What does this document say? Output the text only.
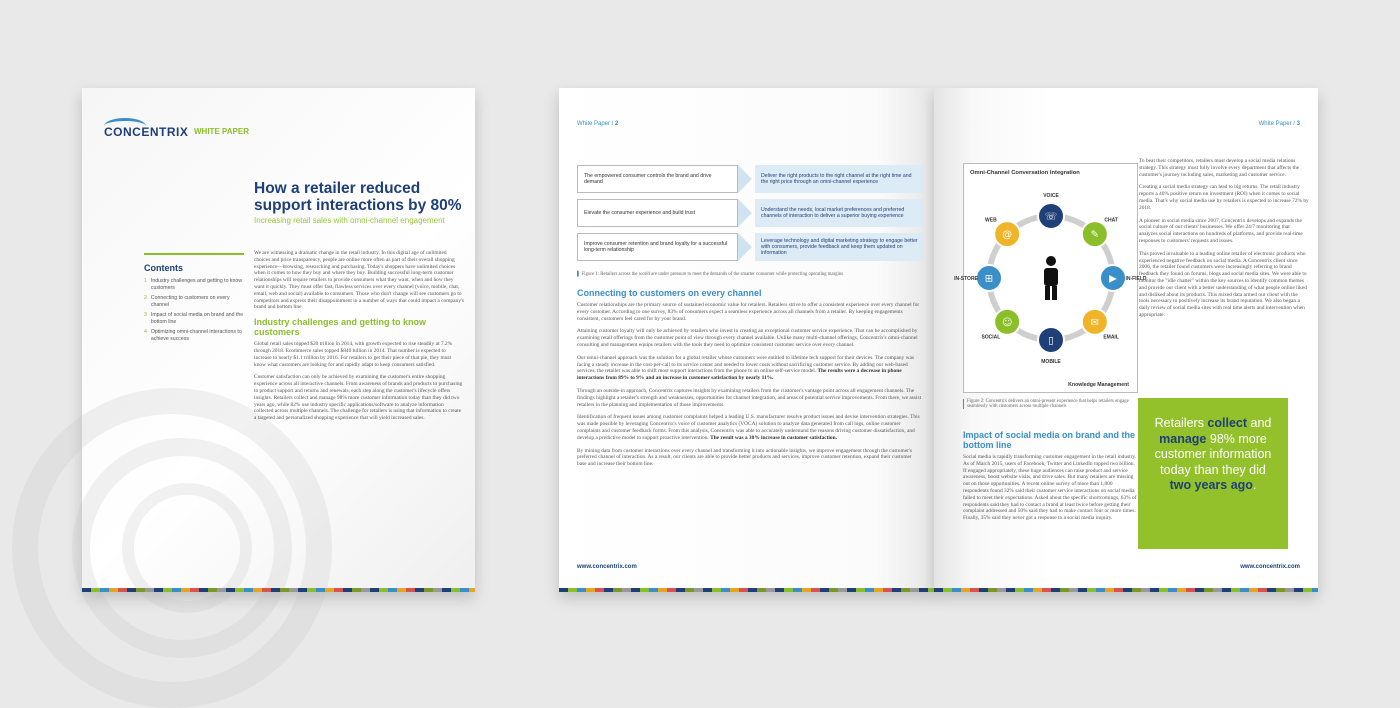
CONCENTRIX WHITE PAPER
How a retailer reduced support interactions by 80%
Increasing retail sales with omni-channel engagement
Contents
1 Industry challenges and getting to know customers
2 Connecting to customers on every channel
3 Impact of social media on brand and the bottom line
4 Optimizing omni-channel interactions to achieve success

We are witnessing a dramatic change in the retail industry. In this digital age of unlimited choices and price transparency, people are online more often as part of their overall shopping experience—browsing, researching and purchasing. Today's shoppers have unlimited choices when it comes to how they buy and where they buy. Building successful long-term customer relationships will require retailers to provide consumers what they want, when and how they want it quickly. They must offer fast, flawless services over every channel (voice, mobile, chat, email, web and social) available to consumers. Those who don't change will see customers go to competitors and express their disappointment in a number of ways that could impact a company's brand and bottom line.

Industry challenges and getting to know customers

Global retail sales topped $20 trillion in 2014, with growth expected to rise steadily at 7.2% through 2018. Ecommerce sales topped $840 billion in 2014. That number is expected to increase to nearly $1.1 trillion by 2016. For retailers to get their piece of that pie, they must know what customers are looking for and rapidly adapt to keep consumers satisfied.

Customer satisfaction can only be achieved by examining the customer's entire shopping experience across all interactive channels. From awareness of brands and products to purchasing to product support and returns and renewals, each step along the customer's lifecycle offers insights. Retailers collect and manage 98% more customer information today than they did two years ago, while 82% use industry specific applications/software to analyze information collected across multiple channels. The challenge for retailers is using that information to create a targeted and personalized shopping experience that will yield increased sales.

White Paper / 2
The empowered consumer controls the brand and drive demand
Deliver the right products to the right channel at the right time and the right price through an omni-channel experience
Elevate the consumer experience and build trust	Understand the needs, local market preferences and preferred channels of interaction to deliver a superior buying experience
Improve consumer retention and brand loyalty for a successful long-term relationship
Leverage technology and digital marketing strategy to engage better with consumers, provide feedback and keep them updated on information
▌ Figure 1: Retailers across the world are under pressure to meet the demands of the smarter consumer while protecting operating margins
Connecting to customers on every channel

Customer relationships are the primary source of sustained economic value for retailers. Retailers strive to offer a consistent experience over every channel for every customer. According to one survey, 83% of consumers expect a seamless experience across all channels from a retailer. By keeping engagements consistent, customers feel cared for by your brand.

Attaining customer loyalty will only be achieved by retailers who invest in creating an exceptional customer service experience. That can be accomplished by examining retail offerings from the customer point of view through every channel available. Unlike many multi-channel offerings, Concentrix's omni-channel consulting and management equips retailers with the tools they need to optimize consistent customer service over every channel.

Our omni-channel approach was the solution for a global retailer whose customers were entitled to lifetime tech support for their devices. The company was facing a steady increase in the cost-per-call to its service center and needed to lower costs without sacrificing customer service. By adding our web-based services, the retailer was able to shift most support interactions from the phone to an online self-service model. The results were a decrease in phone interactions from 89% to 9% and an increase in customer satisfaction by nearly 11%.

Through an outside-in approach, Concentrix captures insights by examining retailers from the customer's vantage point across all engagement channels. The findings highlight a retailer's strength and weaknesses, opportunities for channel integration, and areas of potential service improvements. From there, we assist retailers in the planning and implementation of those improvements.

Identification of frequent issues among customer complaints helped a leading U.S. manufacturer resolve product issues and devise intervention strategies. This was made possible by leveraging Concentrix's voice of customer analytics (VOCA) solution to analyze data generated from call logs, online customer complaints and customer feedback forms. From this analysis, Concentrix was able to accurately understand the reasons driving customer dissatisfaction, and develop a predictive model to support proactive intervention. The result was a 30% increase in customer satisfaction.

By mining data from customer interactions over every channel and transforming it into actionable insights, we improve engagement through the customer's preferred channel of interaction. As a result, our clients are able to provide better products and services, improve customer retention, expand their customer base and increase their bottom line.

www.concentrix.com
White Paper / 3
Omni-Channel Conversation Integration
☏
VOICE
✎
CHAT
▶ IN-FIELD
✉
EMAIL
▯
MOBILE
☺
SOCIAL
⊞
IN-STORE
@
WEB
Knowledge Management
Figure 2: Concentrix delivers an omni-present experience that helps retailers engage seamlessly with customers across multiple channels
Impact of social media on brand and the bottom line

Social media is rapidly transforming customer engagement in the retail industry. As of March 2015, users of Facebook, Twitter and LinkedIn topped two billion. If engaged appropriately, these huge audiences can raise product and service awareness, boost website visits, and drive sales. But many retailers are missing out on those opportunities. A recent online survey of more than 1,000 respondents found 32% said their customer service interactions on social media failed to meet their expectations. Asked about the specific shortcomings, 63% of respondents said they had to contact a brand at least twice before getting their complaint addressed and 50% said they had to make contact four or more times. Finally, 35% said they never got a response to a social media inquiry.

To beat their competitors, retailers must develop a social media relations strategy. This strategy must fully involve every department that affects the customer's journey including sales, marketing and customer service.

Creating a social media strategy can lead to big returns. The retail industry reports a 40% positive return on investment (ROI) when it comes to social media. That's why social media use by retailers is expected to increase 72% by 2018.

A pioneer in social media since 2007, Concentrix develops and expands the social culture of our clients' businesses. We offer 24/7 monitoring that analyzes social interactions on hundreds of platforms, and provide real-time responses to customers' requests and issues.

This proved invaluable to a leading online retailer of electronic products who experienced negative feedback on social media. A Concentrix client since 2006, the retailer found customers were increasingly referring to brand feedback they found on forums, blogs and social media sites. We were able to monitor the "idle chatter" within the key sources to identify common themes and provide our client with a better understanding of what people online liked and disliked about its products. This mixed data armed our client with the tools necessary to positively increase its brand reputation. We also began a daily review of social media sites with real time alerts and intervention when appropriate.

Retailers collect and manage 98% more customer information today than they did two years ago.

www.concentrix.com
